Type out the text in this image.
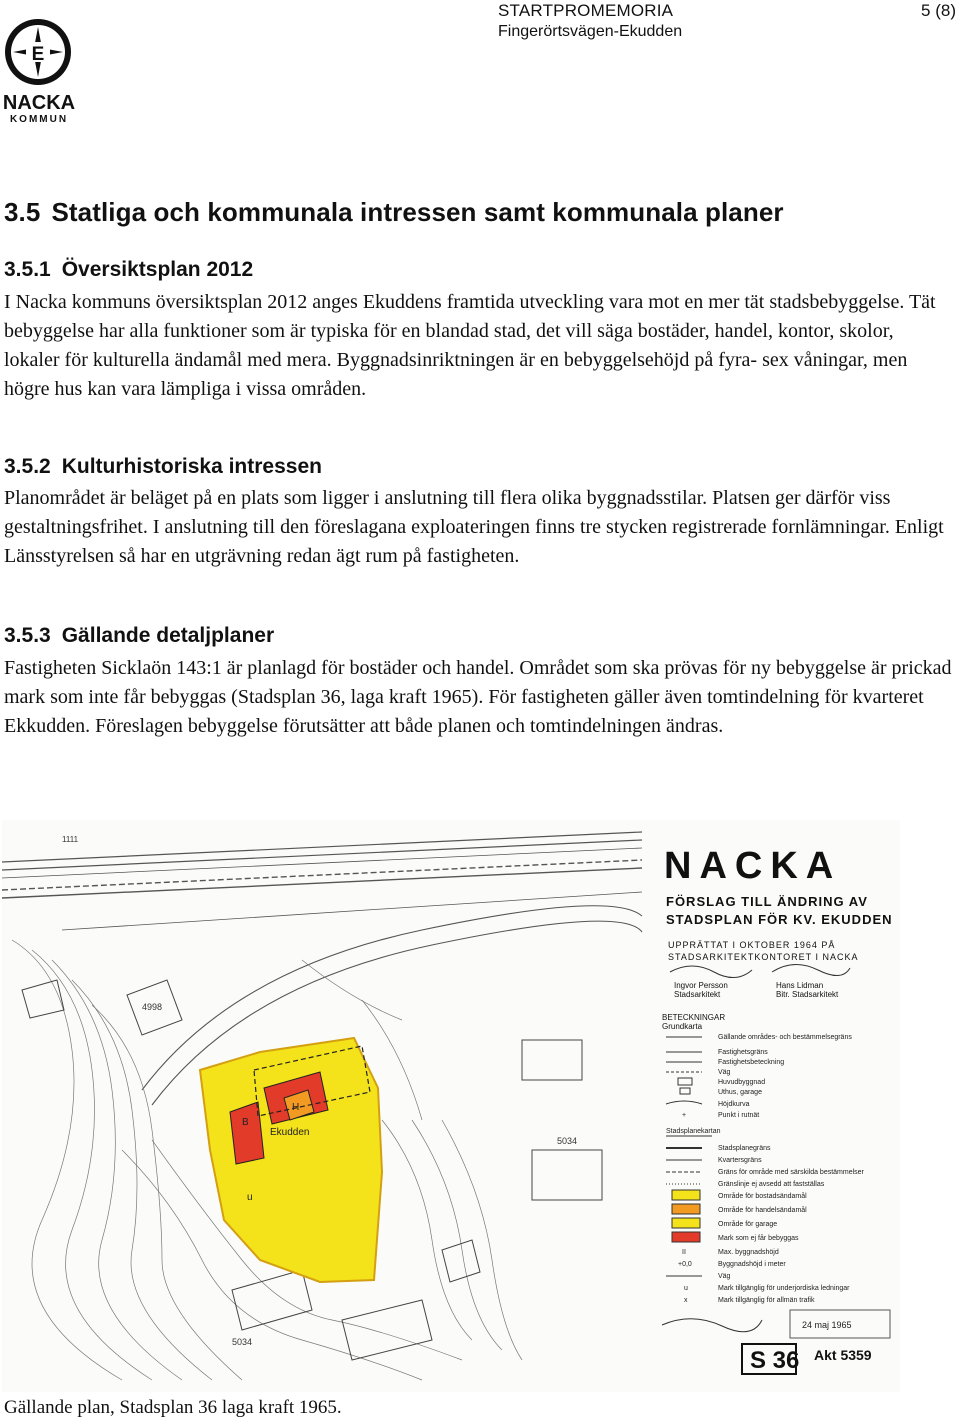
E
NACKA
KOMMUN
STARTPROMEMORIA
Fingerörtsvägen-Ekudden
5 (8)
3.5 Statliga och kommunala intressen samt kommunala planer
3.5.1 Översiktsplan 2012

I Nacka kommuns översiktsplan 2012 anges Ekuddens framtida utveckling vara mot en mer tät stadsbebyggelse. Tät bebyggelse har alla funktioner som är typiska för en blandad stad, det vill säga bostäder, handel, kontor, skolor, lokaler för kulturella ändamål med mera. Byggnadsinriktningen är en bebyggelsehöjd på fyra- sex våningar, men högre hus kan vara lämpliga i vissa områden.

3.5.2 Kulturhistoriska intressen

Planområdet är beläget på en plats som ligger i anslutning till flera olika byggnadsstilar. Platsen ger därför viss gestaltningsfrihet. I anslutning till den föreslagana exploateringen finns tre stycken registrerade fornlämningar. Enligt Länsstyrelsen så har en utgrävning redan ägt rum på fastigheten.

3.5.3 Gällande detaljplaner

Fastigheten Sicklaön 143:1 är planlagd för bostäder och handel. Området som ska prövas för ny bebyggelse är prickad mark som inte får bebyggas (Stadsplan 36, laga kraft 1965). För fastigheten gäller även tomtindelning för kvarteret Ekkudden. Föreslagen bebyggelse förutsätter att både planen och tomtindelningen ändras.

B
H
Ekudden
u
5034
5034
4998
1111
NACKA
FÖRSLAG TILL ÄNDRING AV
STADSPLAN FÖR KV. EKUDDEN
UPPRÄTTAT I OKTOBER 1964 PÅ
STADSARKITEKTKONTORET I NACKA
Ingvor Persson
Stadsarkitekt
Hans Lidman
Bitr. Stadsarkitekt
BETECKNINGAR
Grundkarta
Gällande områdes- och bestämmelsegräns
Fastighetsgräns
Fastighetsbeteckning
Väg
Huvudbyggnad
Uthus, garage
Höjdkurva
+	Punkt i rutnät
Stadsplanekartan
Stadsplanegräns
Kvartersgräns
Gräns för område med särskilda bestämmelser
Gränslinje ej avsedd att fastställas
Område för bostadsändamål
Område för handelsändamål
Område för garage
Mark som ej får bebyggas
II	Max. byggnadshöjd
+0,0	Byggnadshöjd i meter
Väg
u	Mark tillgänglig för underjordiska ledningar
x	Mark tillgänglig för allmän trafik
24 maj 1965
S 36 Akt 5359

Gällande plan, Stadsplan 36 laga kraft 1965.
